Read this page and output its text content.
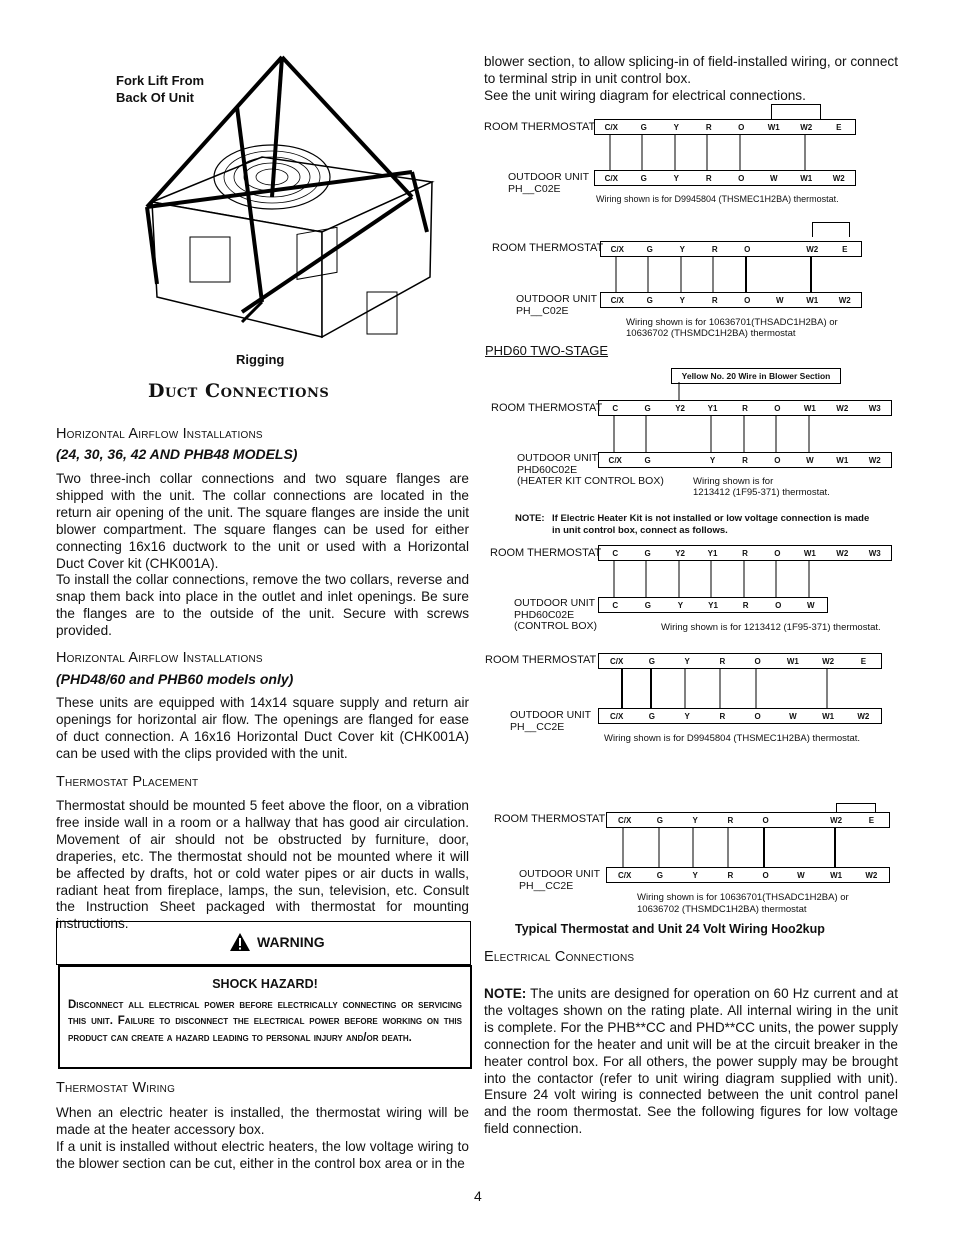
Fork Lift From
Back Of Unit
Rigging
Duct Connections
Horizontal Airflow Installations
(24, 30, 36, 42 AND PHB48 MODELS)

Two three-inch collar connections and two square flanges are shipped with the unit. The collar connections are located in the return air opening of the unit. The square flanges are inside the unit blower compartment. The square flanges can be used for either connecting 16x16 ductwork to the unit or used with a Horizontal Duct Cover kit (CHK001A).

To install the collar connections, remove the two collars, reverse and snap them back into place in the outlet and inlet openings. Be sure the flanges are to the outside of the unit. Secure with screws provided.

Horizontal Airflow Installations
(PHD48/60 and PHB60 models only)

These units are equipped with 14x14 square supply and return air openings for horizontal air flow. The openings are flanged for ease of duct connection. A 16x16 Horizontal Duct Cover kit (CHK001A) can be used with the clips provided with the unit.

Thermostat Placement

Thermostat should be mounted 5 feet above the floor, on a vibration free inside wall in a room or a hallway that has good air circulation. Movement of air should not be obstructed by furniture, door, draperies, etc. The thermostat should not be mounted where it will be affected by drafts, hot or cold water pipes or air ducts in walls, radiant heat from fireplace, lamps, the sun, television, etc. Consult the Instruction Sheet packaged with thermostat for mounting instructions.

WARNING
SHOCK HAZARD!
Disconnect all electrical power before electrically connecting or servicing this unit. Failure to disconnect the electrical power before working on this product can create a hazard leading to personal injury and/or death.
Thermostat Wiring

When an electric heater is installed, the thermostat wiring will be made at the heater accessory box.

If a unit is installed without electric heaters, the low voltage wiring to the blower section can be cut, either in the control box area or in the

blower section, to allow splicing-in of field-installed wiring, or connect to terminal strip in unit control box.

See the unit wiring diagram for electrical connections.

ROOM THERMOSTAT	C/X	G	Y	R	O	W1	W2	E
OUTDOOR UNIT
PH__C02E
C/X	G	Y	R	O	W	W1	W2
Wiring shown is for D9945804 (THSMEC1H2BA) thermostat.
ROOM THERMOSTAT C/X	G	Y	R	O	W2	E
OUTDOOR UNIT
PH__C02E
C/X	G	Y	R	O	W	W1	W2
Wiring shown is for 10636701(THSADC1H2BA) or
10636702 (THSMDC1H2BA) thermostat
PHD60 TWO-STAGE
Yellow No. 20 Wire in Blower Section
ROOM THERMOSTAT	C	G	Y2	Y1	R	O	W1	W2	W3
OUTDOOR UNIT
PHD60C02E
(HEATER KIT CONTROL BOX)
C/X	G	Y	R	O	W	W1	W2
Wiring shown is for
1213412 (1F95-371) thermostat.
NOTE: If Electric Heater Kit is not installed or low voltage connection is made
in unit control box, connect as follows.
ROOM THERMOSTAT	C	G	Y2	Y1	R	O	W1	W2	W3
OUTDOOR UNIT
PHD60C02E
(CONTROL BOX)
C	G	Y	Y1	R	O	W
Wiring shown is for 1213412 (1F95-371) thermostat.
ROOM THERMOSTAT	C/X	G	Y	R	O	W1	W2	E
OUTDOOR UNIT
PH__CC2E
C/X	G	Y	R	O	W	W1	W2
Wiring shown is for D9945804 (THSMEC1H2BA) thermostat.
ROOM THERMOSTAT	C/X	G	Y	R	O	W2	E
OUTDOOR UNIT
PH__CC2E
C/X	G	Y	R	O	W	W1	W2
Wiring shown is for 10636701(THSADC1H2BA) or
10636702 (THSMDC1H2BA) thermostat
Typical Thermostat and Unit 24 Volt Wiring Hoo2kup
Electrical Connections

NOTE: The units are designed for operation on 60 Hz current and at the voltages shown on the rating plate. All internal wiring in the unit is complete. For the PHB**CC and PHD**CC units, the power supply connection for the heater and unit will be at the circuit breaker in the heater control box. For all others, the power supply may be brought into the contactor (refer to unit wiring diagram supplied with unit). Ensure 24 volt wiring is connected between the unit control panel and the room thermostat. See the following figures for low voltage field connection.

4
